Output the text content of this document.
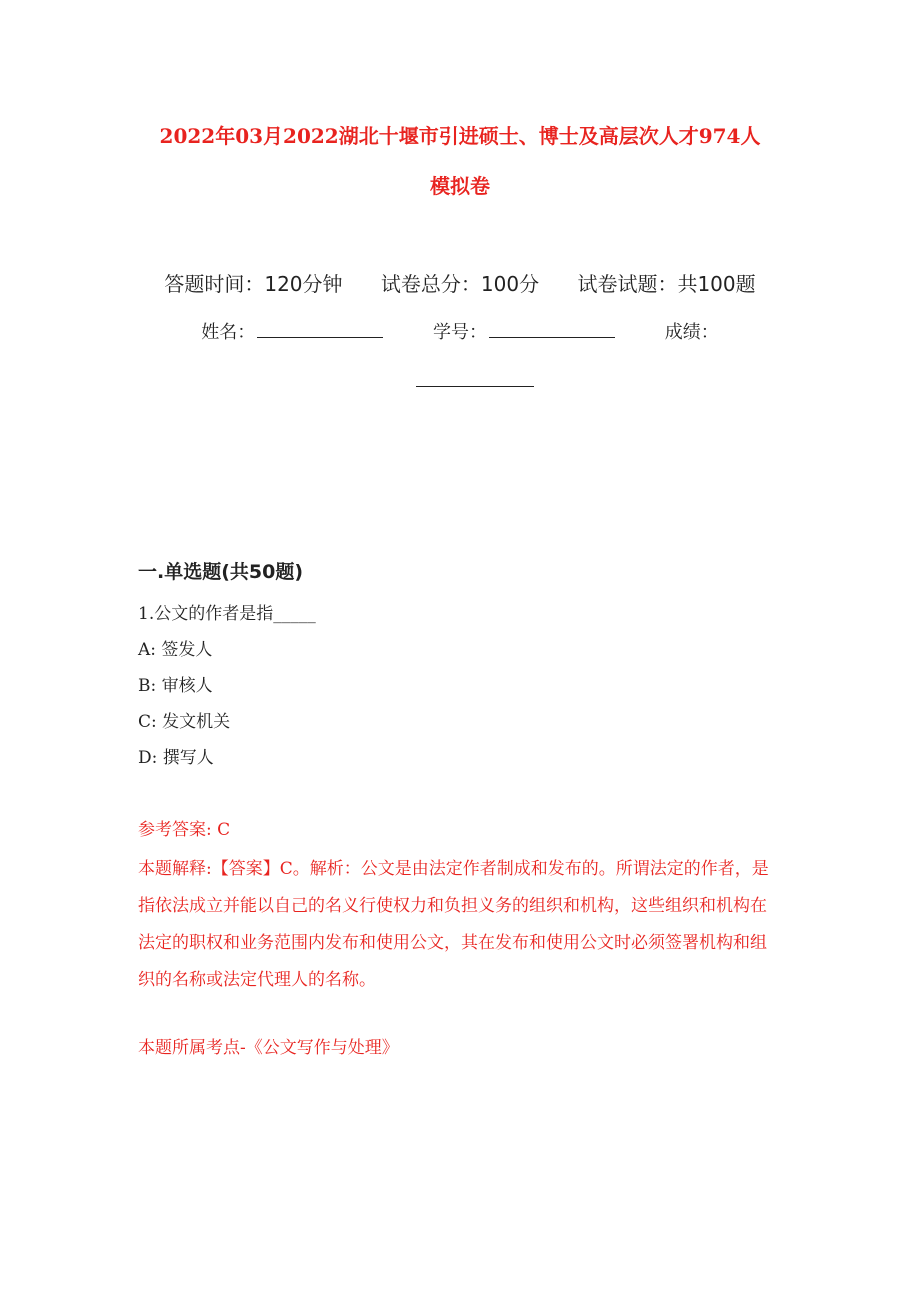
2022年03月2022湖北十堰市引进硕士、博士及高层次人才974人
模拟卷
答题时间：120分钟 试卷总分：100分 试卷试题：共100题
姓名：	学号：	成绩：
一.单选题(共50题)
1.公文的作者是指_____
A: 签发人
B: 审核人
C: 发文机关
D: 撰写人
参考答案: C
本题解释:【答案】C。解析：公文是由法定作者制成和发布的。所谓法定的作者，是指依法成立并能以自己的名义行使权力和负担义务的组织和机构，这些组织和机构在法定的职权和业务范围内发布和使用公文，其在发布和使用公文时必须签署机构和组织的名称或法定代理人的名称。
本题所属考点-《公文写作与处理》
